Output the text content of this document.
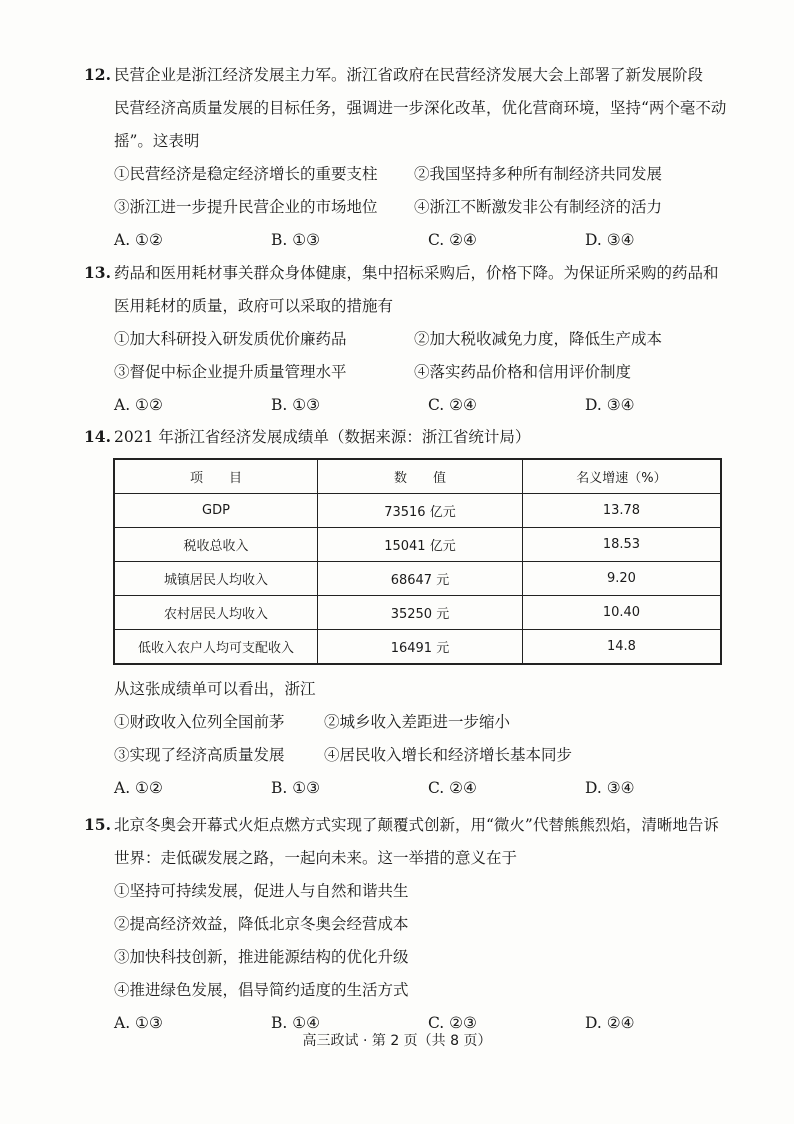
12. 民营企业是浙江经济发展主力军。浙江省政府在民营经济发展大会上部署了新发展阶段
民营经济高质量发展的目标任务，强调进一步深化改革，优化营商环境，坚持“两个毫不动
摇”。这表明
①民营经济是稳定经济增长的重要支柱	②我国坚持多种所有制经济共同发展
③浙江进一步提升民营企业的市场地位	④浙江不断激发非公有制经济的活力
A. ①②	B. ①③	C. ②④	D. ③④
13. 药品和医用耗材事关群众身体健康，集中招标采购后，价格下降。为保证所采购的药品和
医用耗材的质量，政府可以采取的措施有
①加大科研投入研发质优价廉药品	②加大税收减免力度，降低生产成本
③督促中标企业提升质量管理水平	④落实药品价格和信用评价制度
A. ①②	B. ①③	C. ②④	D. ③④
14. 2021 年浙江省经济发展成绩单（数据来源：浙江省统计局）
项　　目	数　　值	名义增速（%）
GDP	73516 亿元	13.78
税收总收入	15041 亿元	18.53
城镇居民人均收入	68647 元	9.20
农村居民人均收入	35250 元	10.40
低收入农户人均可支配收入	16491 元	14.8
从这张成绩单可以看出，浙江
①财政收入位列全国前茅	②城乡收入差距进一步缩小
③实现了经济高质量发展	④居民收入增长和经济增长基本同步
A. ①②	B. ①③	C. ②④	D. ③④
15. 北京冬奥会开幕式火炬点燃方式实现了颠覆式创新，用“微火”代替熊熊烈焰，清晰地告诉
世界：走低碳发展之路，一起向未来。这一举措的意义在于
①坚持可持续发展，促进人与自然和谐共生
②提高经济效益，降低北京冬奥会经营成本
③加快科技创新，推进能源结构的优化升级
④推进绿色发展，倡导简约适度的生活方式
A. ①③	B. ①④	C. ②③	D. ②④
高三政试 · 第 2 页（共 8 页）
